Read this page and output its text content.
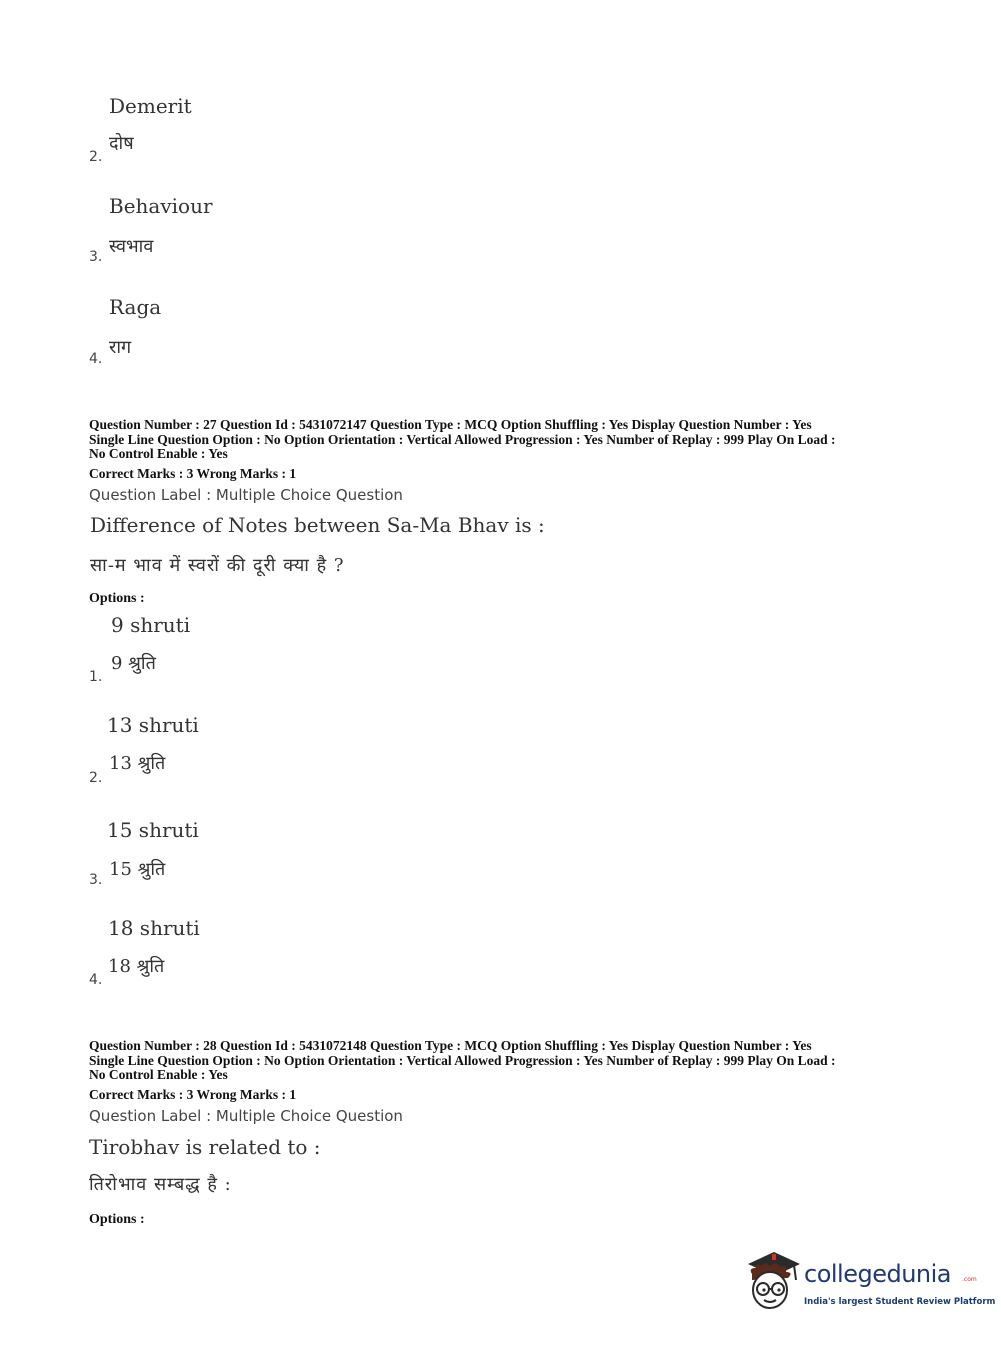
Demerit
दोष
2.
Behaviour
स्वभाव
3.
Raga
राग
4.
Question Number : 27 Question Id : 5431072147 Question Type : MCQ Option Shuffling : Yes Display Question Number : Yes
Single Line Question Option : No Option Orientation : Vertical Allowed Progression : Yes Number of Replay : 999 Play On Load :
No Control Enable : Yes
Correct Marks : 3 Wrong Marks : 1
Question Label : Multiple Choice Question
Difference of Notes between Sa-Ma Bhav is :
सा-म भाव में स्वरों की दूरी क्या है ?
Options :
9 shruti
9 श्रुति
1.
13 shruti
13 श्रुति
2.
15 shruti
15 श्रुति
3.
18 shruti
18 श्रुति
4.
Question Number : 28 Question Id : 5431072148 Question Type : MCQ Option Shuffling : Yes Display Question Number : Yes
Single Line Question Option : No Option Orientation : Vertical Allowed Progression : Yes Number of Replay : 999 Play On Load :
No Control Enable : Yes
Correct Marks : 3 Wrong Marks : 1
Question Label : Multiple Choice Question
Tirobhav is related to :
तिरोभाव सम्बद्ध है :
Options :
collegedunia .com
India's largest Student Review Platform
